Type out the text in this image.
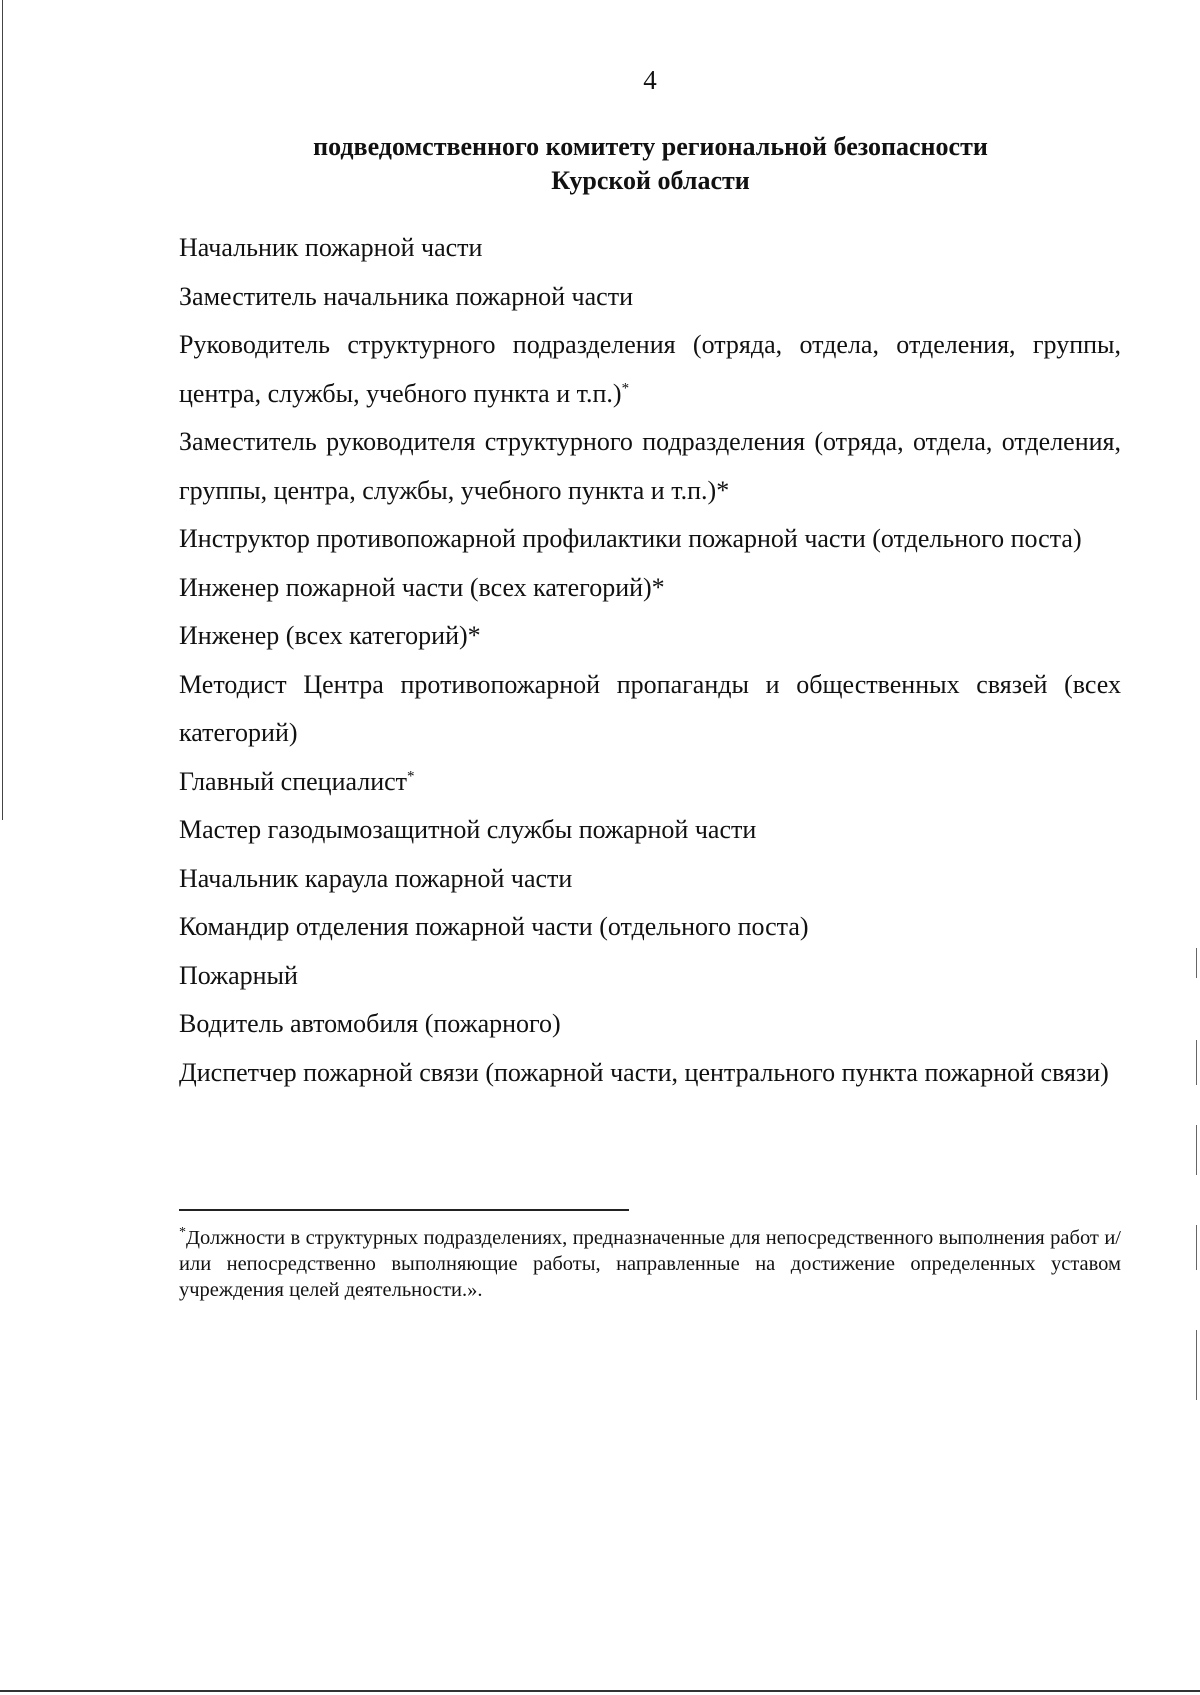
4
подведомственного комитету региональной безопасности
Курской области
Начальник пожарной части
Заместитель начальника пожарной части
Руководитель структурного подразделения (отряда, отдела, отделения, группы, центра, службы, учебного пункта и т.п.)*
Заместитель руководителя структурного подразделения (отряда, отдела, отделения, группы, центра, службы, учебного пункта и т.п.)*
Инструктор противопожарной профилактики пожарной части (отдельного поста)
Инженер пожарной части (всех категорий)*
Инженер (всех категорий)*
Методист Центра противопожарной пропаганды и общественных связей (всех категорий)
Главный специалист*
Мастер газодымозащитной службы пожарной части
Начальник караула пожарной части
Командир отделения пожарной части (отдельного поста)
Пожарный
Водитель автомобиля (пожарного)
Диспетчер пожарной связи (пожарной части, центрального пункта пожарной связи)
*Должности в структурных подразделениях, предназначенные для непосредственного выполнения работ и/или непосредственно выполняющие работы, направленные на достижение определенных уставом учреждения целей деятельности.».
